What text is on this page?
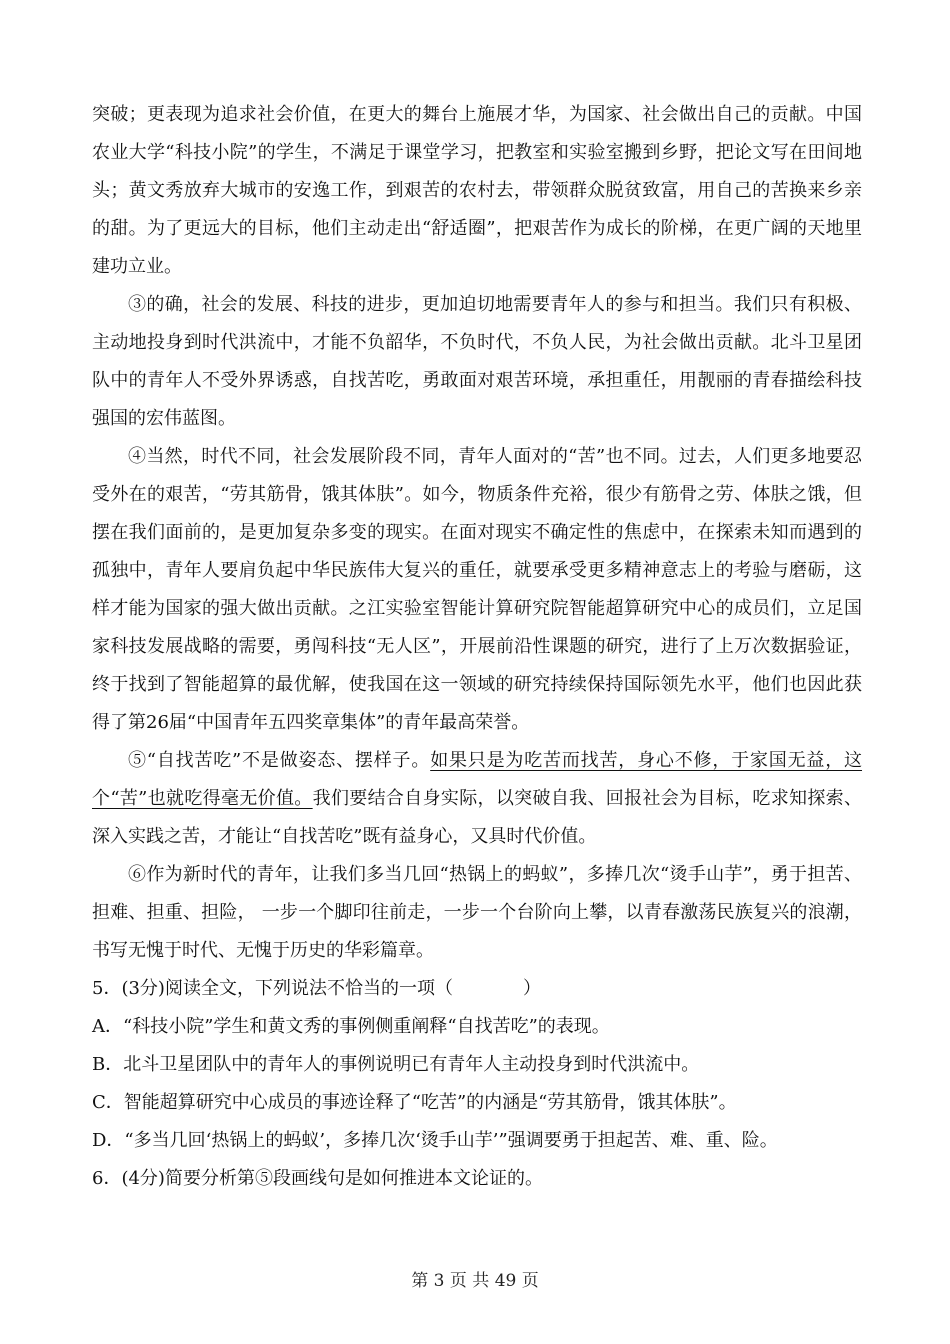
突破；更表现为追求社会价值，在更大的舞台上施展才华，为国家、社会做出自己的贡献。中国农业大学“科技小院”的学生，不满足于课堂学习，把教室和实验室搬到乡野，把论文写在田间地头；黄文秀放弃大城市的安逸工作，到艰苦的农村去，带领群众脱贫致富，用自己的苦换来乡亲的甜。为了更远大的目标，他们主动走出“舒适圈”，把艰苦作为成长的阶梯，在更广阔的天地里建功立业。

③的确，社会的发展、科技的进步，更加迫切地需要青年人的参与和担当。我们只有积极、主动地投身到时代洪流中，才能不负韶华，不负时代，不负人民，为社会做出贡献。北斗卫星团队中的青年人不受外界诱惑，自找苦吃，勇敢面对艰苦环境，承担重任，用靓丽的青春描绘科技强国的宏伟蓝图。

④当然，时代不同，社会发展阶段不同，青年人面对的“苦”也不同。过去，人们更多地要忍受外在的艰苦，“劳其筋骨，饿其体肤”。如今，物质条件充裕，很少有筋骨之劳、体肤之饿，但摆在我们面前的，是更加复杂多变的现实。在面对现实不确定性的焦虑中，在探索未知而遇到的孤独中，青年人要肩负起中华民族伟大复兴的重任，就要承受更多精神意志上的考验与磨砺，这样才能为国家的强大做出贡献。之江实验室智能计算研究院智能超算研究中心的成员们，立足国家科技发展战略的需要，勇闯科技“无人区”，开展前沿性课题的研究，进行了上万次数据验证，终于找到了智能超算的最优解，使我国在这一领域的研究持续保持国际领先水平，他们也因此获得了第26届“中国青年五四奖章集体”的青年最高荣誉。

⑤“自找苦吃”不是做姿态、摆样子。如果只是为吃苦而找苦，身心不修，于家国无益，这个“苦”也就吃得毫无价值。我们要结合自身实际，以突破自我、回报社会为目标，吃求知探索、深入实践之苦，才能让“自找苦吃”既有益身心，又具时代价值。

⑥作为新时代的青年，让我们多当几回“热锅上的蚂蚁”，多捧几次“烫手山芋”，勇于担苦、担难、担重、担险， 一步一个脚印往前走，一步一个台阶向上攀，以青春激荡民族复兴的浪潮，书写无愧于时代、无愧于历史的华彩篇章。

5．(3分)阅读全文，下列说法不恰当的一项（	）

A．“科技小院”学生和黄文秀的事例侧重阐释“自找苦吃”的表现。

B．北斗卫星团队中的青年人的事例说明已有青年人主动投身到时代洪流中。

C．智能超算研究中心成员的事迹诠释了“吃苦”的内涵是“劳其筋骨，饿其体肤”。

D．“多当几回‘热锅上的蚂蚁’，多捧几次‘烫手山芋’”强调要勇于担起苦、难、重、险。

6．(4分)简要分析第⑤段画线句是如何推进本文论证的。

第 3 页 共 49 页
